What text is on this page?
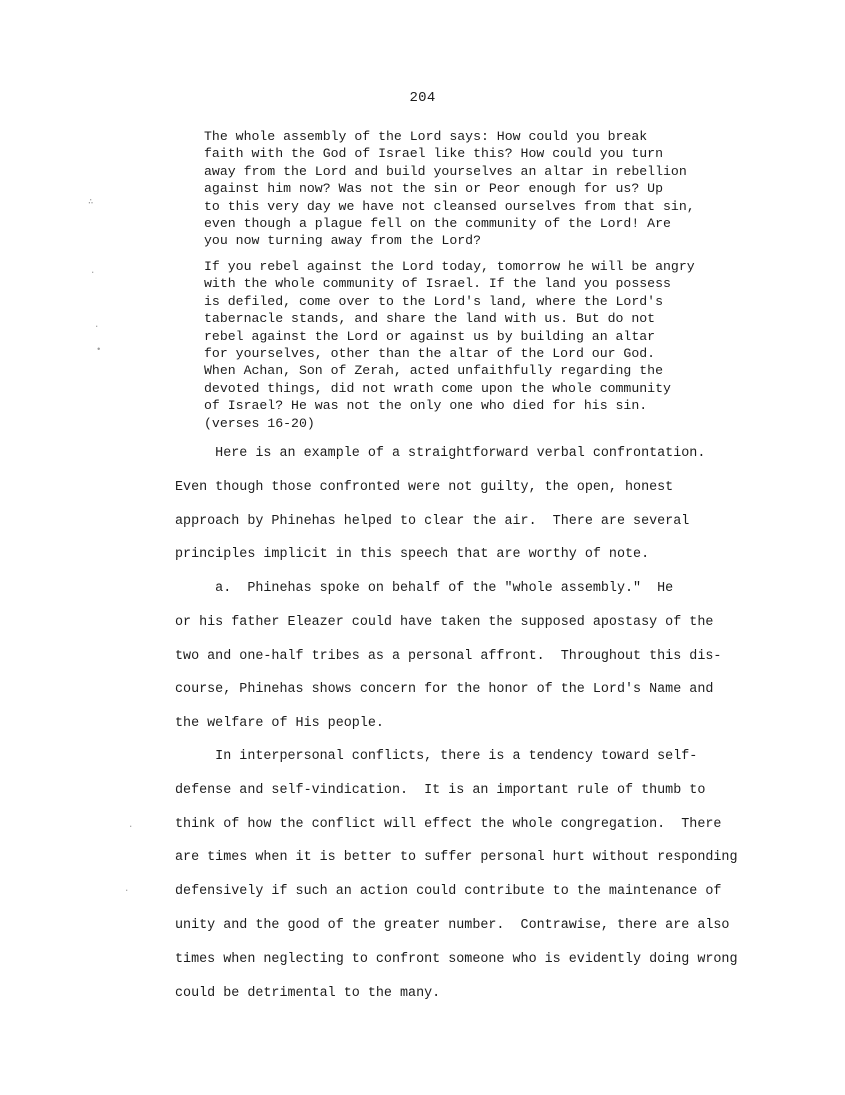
204
The whole assembly of the Lord says: How could you break
faith with the God of Israel like this? How could you turn
away from the Lord and build yourselves an altar in rebellion
against him now? Was not the sin or Peor enough for us? Up
to this very day we have not cleansed ourselves from that sin,
even though a plague fell on the community of the Lord! Are
you now turning away from the Lord?
If you rebel against the Lord today, tomorrow he will be angry
with the whole community of Israel. If the land you possess
is defiled, come over to the Lord's land, where the Lord's
tabernacle stands, and share the land with us. But do not
rebel against the Lord or against us by building an altar
for yourselves, other than the altar of the Lord our God.
When Achan, Son of Zerah, acted unfaithfully regarding the
devoted things, did not wrath come upon the whole community
of Israel? He was not the only one who died for his sin.
(verses 16-20)
Here is an example of a straightforward verbal confrontation.
Even though those confronted were not guilty, the open, honest
approach by Phinehas helped to clear the air.  There are several
principles implicit in this speech that are worthy of note.
a.  Phinehas spoke on behalf of the "whole assembly."  He
or his father Eleazer could have taken the supposed apostasy of the
two and one-half tribes as a personal affront.  Throughout this dis-
course, Phinehas shows concern for the honor of the Lord's Name and
the welfare of His people.
In interpersonal conflicts, there is a tendency toward self-
defense and self-vindication.  It is an important rule of thumb to
think of how the conflict will effect the whole congregation.  There
are times when it is better to suffer personal hurt without responding
defensively if such an action could contribute to the maintenance of
unity and the good of the greater number.  Contrawise, there are also
times when neglecting to confront someone who is evidently doing wrong
could be detrimental to the many.
∴
·
·
•
·
·
